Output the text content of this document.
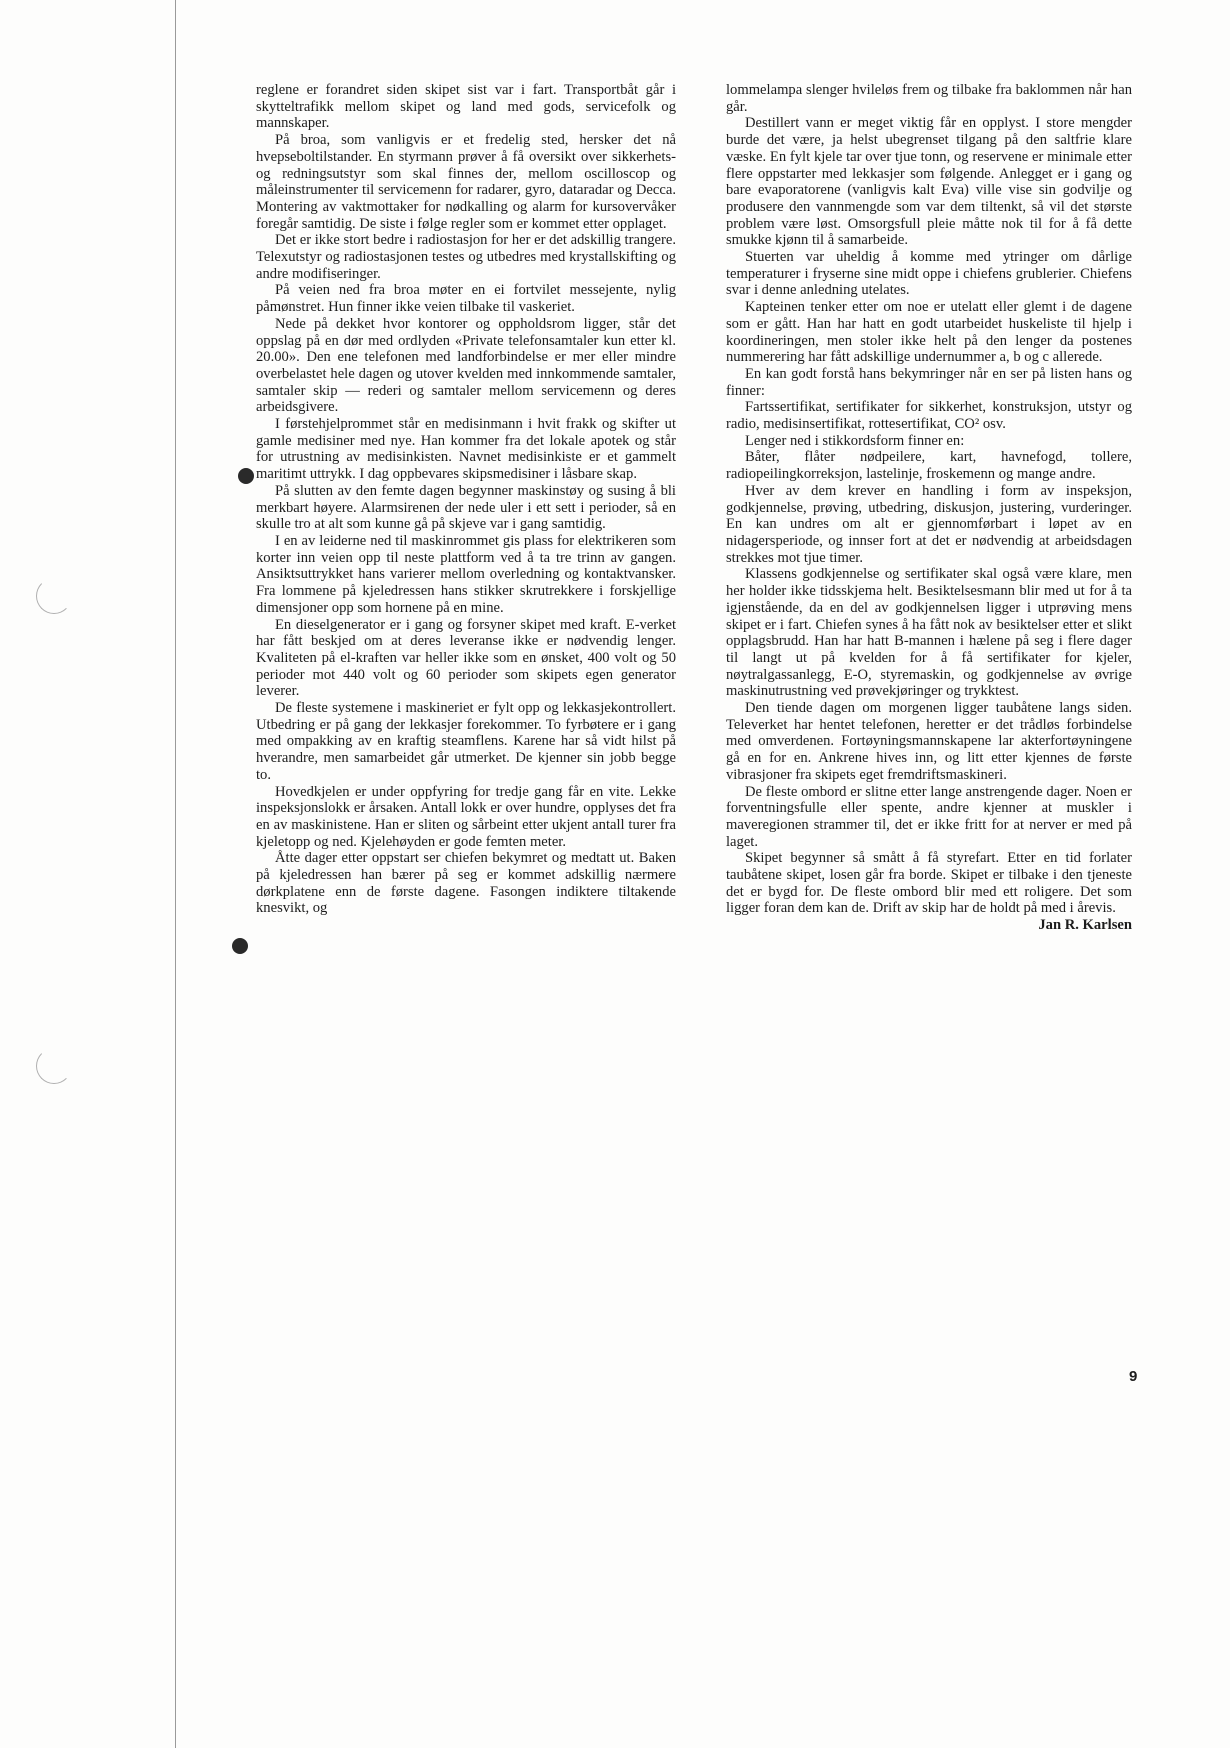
reglene er forandret siden skipet sist var i fart. Transportbåt går i skytteltrafikk mellom skipet og land med gods, servicefolk og mannskaper.

På broa, som vanligvis er et fredelig sted, hersker det nå hvepseboltilstander. En styrmann prøver å få oversikt over sikkerhets- og redningsutstyr som skal finnes der, mellom oscilloscop og måleinstrumenter til servicemenn for radarer, gyro, dataradar og Decca. Montering av vaktmottaker for nødkalling og alarm for kursovervåker foregår samtidig. De siste i følge regler som er kommet etter opplaget.

Det er ikke stort bedre i radiostasjon for her er det adskillig trangere. Telexutstyr og radiostasjonen testes og utbedres med krystallskifting og andre modifiseringer.

På veien ned fra broa møter en ei fortvilet messejente, nylig påmønstret. Hun finner ikke veien tilbake til vaskeriet.

Nede på dekket hvor kontorer og oppholdsrom ligger, står det oppslag på en dør med ordlyden «Private telefonsamtaler kun etter kl. 20.00». Den ene telefonen med landforbindelse er mer eller mindre overbelastet hele dagen og utover kvelden med innkommende samtaler, samtaler skip — rederi og samtaler mellom servicemenn og deres arbeidsgivere.

I førstehjelprommet står en medisinmann i hvit frakk og skifter ut gamle medisiner med nye. Han kommer fra det lokale apotek og står for utrustning av medisinkisten. Navnet medisinkiste er et gammelt maritimt uttrykk. I dag oppbevares skipsmedisiner i låsbare skap.

På slutten av den femte dagen begynner maskinstøy og susing å bli merkbart høyere. Alarmsirenen der nede uler i ett sett i perioder, så en skulle tro at alt som kunne gå på skjeve var i gang samtidig.

I en av leiderne ned til maskinrommet gis plass for elektrikeren som korter inn veien opp til neste plattform ved å ta tre trinn av gangen. Ansiktsuttrykket hans varierer mellom overledning og kontaktvansker. Fra lommene på kjeledressen hans stikker skrutrekkere i forskjellige dimensjoner opp som hornene på en mine.

En dieselgenerator er i gang og forsyner skipet med kraft. E-verket har fått beskjed om at deres leveranse ikke er nødvendig lenger. Kvaliteten på el-kraften var heller ikke som en ønsket, 400 volt og 50 perioder mot 440 volt og 60 perioder som skipets egen generator leverer.

De fleste systemene i maskineriet er fylt opp og lekkasjekontrollert. Utbedring er på gang der lekkasjer forekommer. To fyrbøtere er i gang med ompakking av en kraftig steamflens. Karene har så vidt hilst på hverandre, men samarbeidet går utmerket. De kjenner sin jobb begge to.

Hovedkjelen er under oppfyring for tredje gang får en vite. Lekke inspeksjonslokk er årsaken. Antall lokk er over hundre, opplyses det fra en av maskinistene. Han er sliten og sårbeint etter ukjent antall turer fra kjeletopp og ned. Kjelehøyden er gode femten meter.

Åtte dager etter oppstart ser chiefen bekymret og medtatt ut. Baken på kjeledressen han bærer på seg er kommet adskillig nærmere dørkplatene enn de første dagene. Fasongen indiktere tiltakende knesvikt, og

lommelampa slenger hvileløs frem og tilbake fra baklommen når han går.

Destillert vann er meget viktig får en opplyst. I store mengder burde det være, ja helst ubegrenset tilgang på den saltfrie klare væske. En fylt kjele tar over tjue tonn, og reservene er minimale etter flere oppstarter med lekkasjer som følgende. Anlegget er i gang og bare evaporatorene (vanligvis kalt Eva) ville vise sin godvilje og produsere den vannmengde som var dem tiltenkt, så vil det største problem være løst. Omsorgsfull pleie måtte nok til for å få dette smukke kjønn til å samarbeide.

Stuerten var uheldig å komme med ytringer om dårlige temperaturer i fryserne sine midt oppe i chiefens grublerier. Chiefens svar i denne anledning utelates.

Kapteinen tenker etter om noe er utelatt eller glemt i de dagene som er gått. Han har hatt en godt utarbeidet huskeliste til hjelp i koordineringen, men stoler ikke helt på den lenger da postenes nummerering har fått adskillige undernummer a, b og c allerede.

En kan godt forstå hans bekymringer når en ser på listen hans og finner:

Fartssertifikat, sertifikater for sikkerhet, konstruksjon, utstyr og radio, medisinsertifikat, rottesertifikat, CO² osv.

Lenger ned i stikkordsform finner en:

Båter, flåter nødpeilere, kart, havnefogd, tollere, radiopeilingkorreksjon, lastelinje, froskemenn og mange andre.

Hver av dem krever en handling i form av inspeksjon, godkjennelse, prøving, utbedring, diskusjon, justering, vurderinger. En kan undres om alt er gjennomførbart i løpet av en nidagersperiode, og innser fort at det er nødvendig at arbeidsdagen strekkes mot tjue timer.

Klassens godkjennelse og sertifikater skal også være klare, men her holder ikke tidsskjema helt. Besiktelsesmann blir med ut for å ta igjenstående, da en del av godkjennelsen ligger i utprøving mens skipet er i fart. Chiefen synes å ha fått nok av besiktelser etter et slikt opplagsbrudd. Han har hatt B-mannen i hælene på seg i flere dager til langt ut på kvelden for å få sertifikater for kjeler, nøytralgassanlegg, E-O, styremaskin, og godkjennelse av øvrige maskinutrustning ved prøvekjøringer og trykktest.

Den tiende dagen om morgenen ligger taubåtene langs siden. Televerket har hentet telefonen, heretter er det trådløs forbindelse med omverdenen. Fortøyningsmannskapene lar akterfortøyningene gå en for en. Ankrene hives inn, og litt etter kjennes de første vibrasjoner fra skipets eget fremdriftsmaskineri.

De fleste ombord er slitne etter lange anstrengende dager. Noen er forventningsfulle eller spente, andre kjenner at muskler i maveregionen strammer til, det er ikke fritt for at nerver er med på laget.

Skipet begynner så smått å få styrefart. Etter en tid forlater taubåtene skipet, losen går fra borde. Skipet er tilbake i den tjeneste det er bygd for. De fleste ombord blir med ett roligere. Det som ligger foran dem kan de. Drift av skip har de holdt på med i årevis.

Jan R. Karlsen
9
